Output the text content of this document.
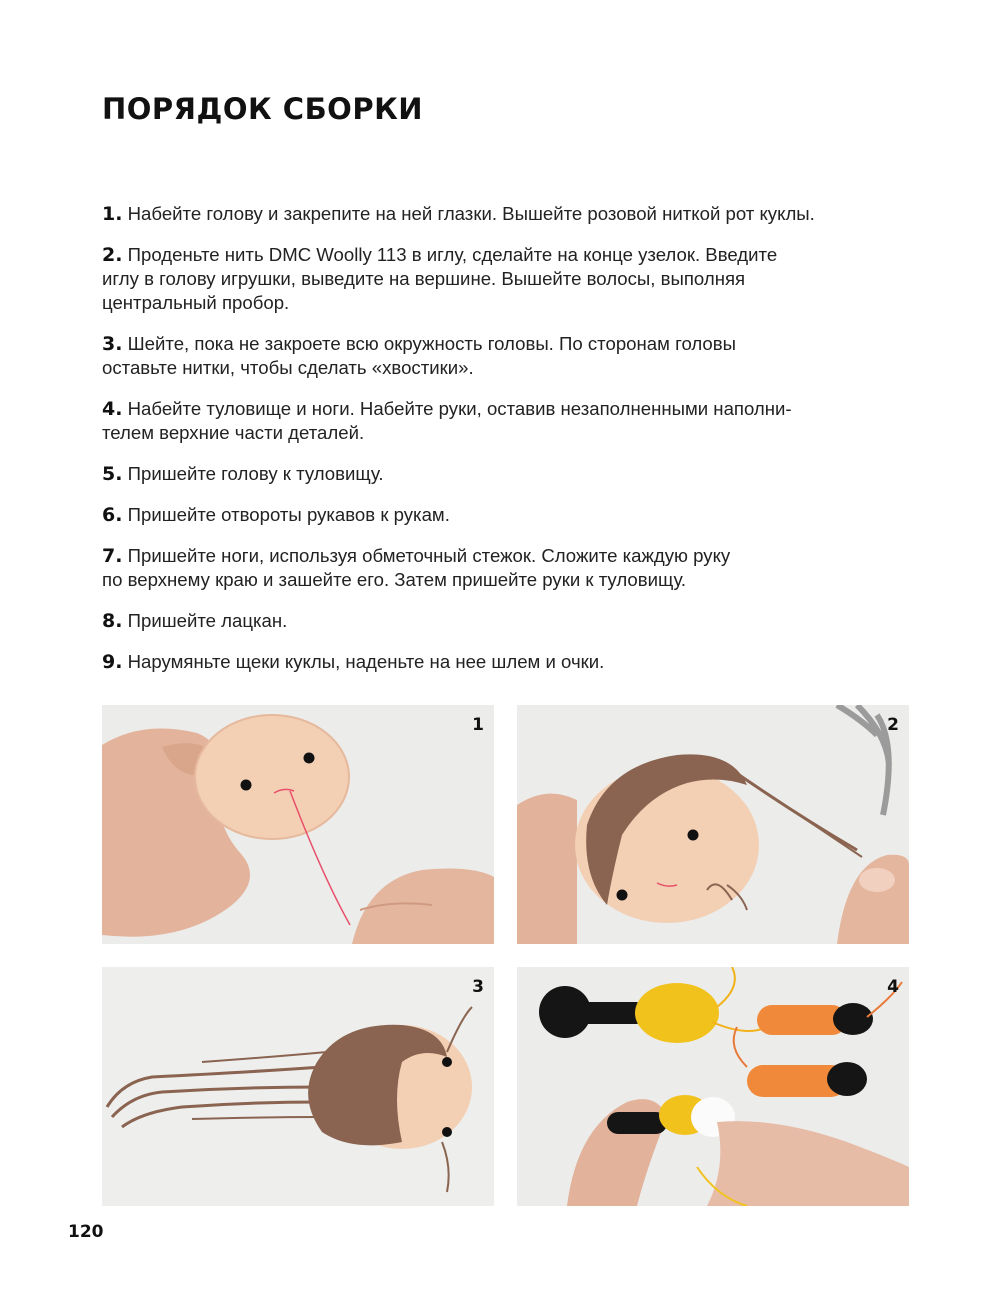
ПОРЯДОК СБОРКИ

1. Набейте голову и закрепите на ней глазки. Вышейте розовой ниткой рот куклы.

2. Проденьте нить DMC Woolly 113 в иглу, сделайте на конце узелок. Введите
иглу в голову игрушки, выведите на вершине. Вышейте волосы, выполняя
центральный пробор.

3. Шейте, пока не закроете всю окружность головы. По сторонам головы
оставьте нитки, чтобы сделать «хвостики».

4. Набейте туловище и ноги. Набейте руки, оставив незаполненными наполни-
телем верхние части деталей.

5. Пришейте голову к туловищу.

6. Пришейте отвороты рукавов к рукам.

7. Пришейте ноги, используя обметочный стежок. Сложите каждую руку
по верхнему краю и зашейте его. Затем пришейте руки к туловищу.

8. Пришейте лацкан.

9. Нарумяньте щеки куклы, наденьте на нее шлем и очки.

1	2
3	4
120
